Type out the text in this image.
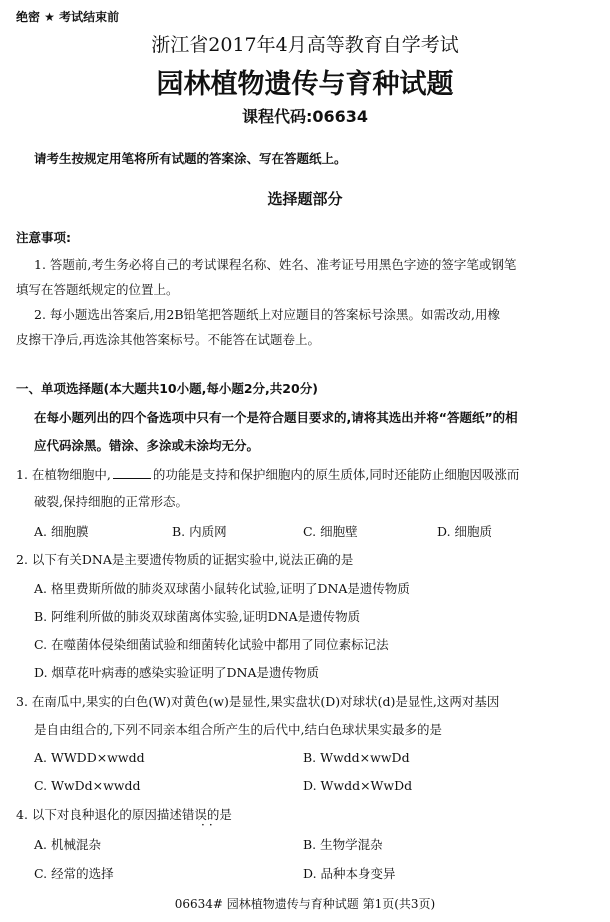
绝密 ★ 考试结束前
浙江省2017年4月高等教育自学考试
园林植物遗传与育种试题
课程代码:06634
请考生按规定用笔将所有试题的答案涂、写在答题纸上。
选择题部分
注意事项:
1. 答题前,考生务必将自己的考试课程名称、姓名、准考证号用黑色字迹的签字笔或钢笔
填写在答题纸规定的位置上。
2. 每小题选出答案后,用2B铅笔把答题纸上对应题目的答案标号涂黑。如需改动,用橡
皮擦干净后,再选涂其他答案标号。不能答在试题卷上。
一、单项选择题(本大题共10小题,每小题2分,共20分)
在每小题列出的四个备选项中只有一个是符合题目要求的,请将其选出并将“答题纸”的相
应代码涂黑。错涂、多涂或未涂均无分。
1. 在植物细胞中,	的功能是支持和保护细胞内的原生质体,同时还能防止细胞因吸涨而
破裂,保持细胞的正常形态。
A. 细胞膜	B. 内质网	C. 细胞壁	D. 细胞质
2. 以下有关DNA是主要遗传物质的证据实验中,说法正确的是
A. 格里费斯所做的肺炎双球菌小鼠转化试验,证明了DNA是遗传物质
B. 阿维利所做的肺炎双球菌离体实验,证明DNA是遗传物质
C. 在噬菌体侵染细菌试验和细菌转化试验中都用了同位素标记法
D. 烟草花叶病毒的感染实验证明了DNA是遗传物质
3. 在南瓜中,果实的白色(W)对黄色(w)是显性,果实盘状(D)对球状(d)是显性,这两对基因
是自由组合的,下列不同亲本组合所产生的后代中,结白色球状果实最多的是
A. WWDD×wwdd	B. Wwdd×wwDd
C. WwDd×wwdd	D. Wwdd×WwDd
4. 以下对良种退化的原因描述错误的是
··
A. 机械混杂	B. 生物学混杂
C. 经常的选择	D. 品种本身变异
06634# 园林植物遗传与育种试题 第1页(共3页)
